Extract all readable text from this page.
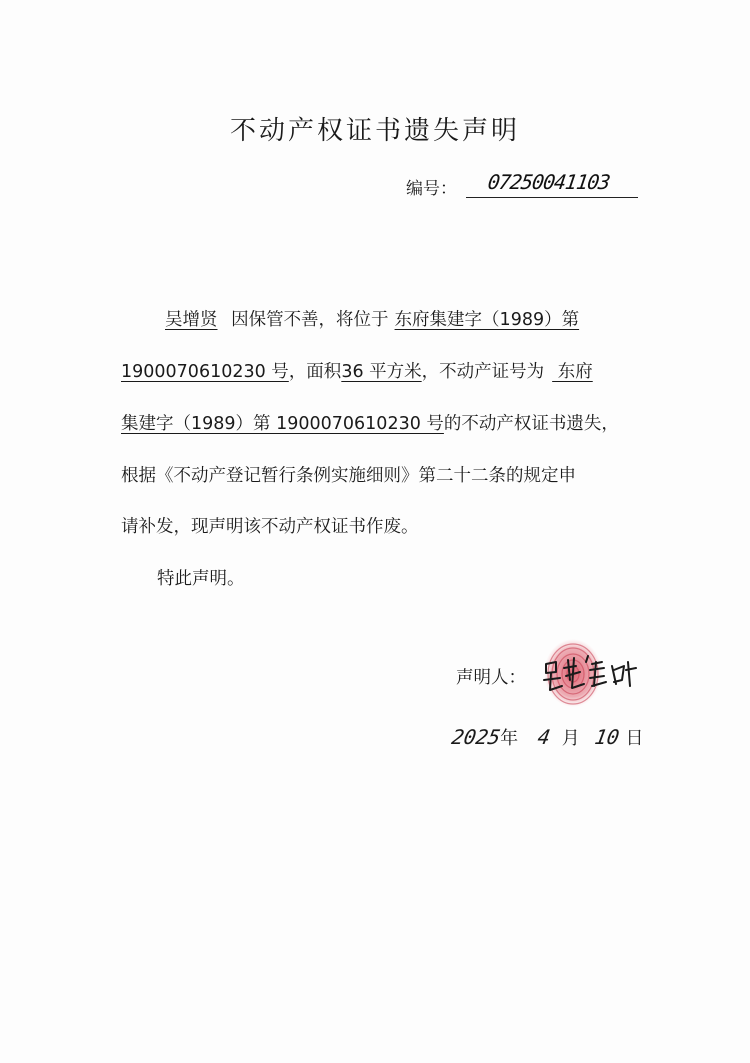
不动产权证书遗失声明
编号： 07250041103
吴增贤 因保管不善，将位于 东府集建字（1989）第
1900070610230 号，面积36 平方米，不动产证号为 东府
集建字（1989）第 1900070610230 号的不动产权证书遗失，
根据《不动产登记暂行条例实施细则》第二十二条的规定申
请补发，现声明该不动产权证书作废。
特此声明。
声明人：
2025年 4 月 10 日
